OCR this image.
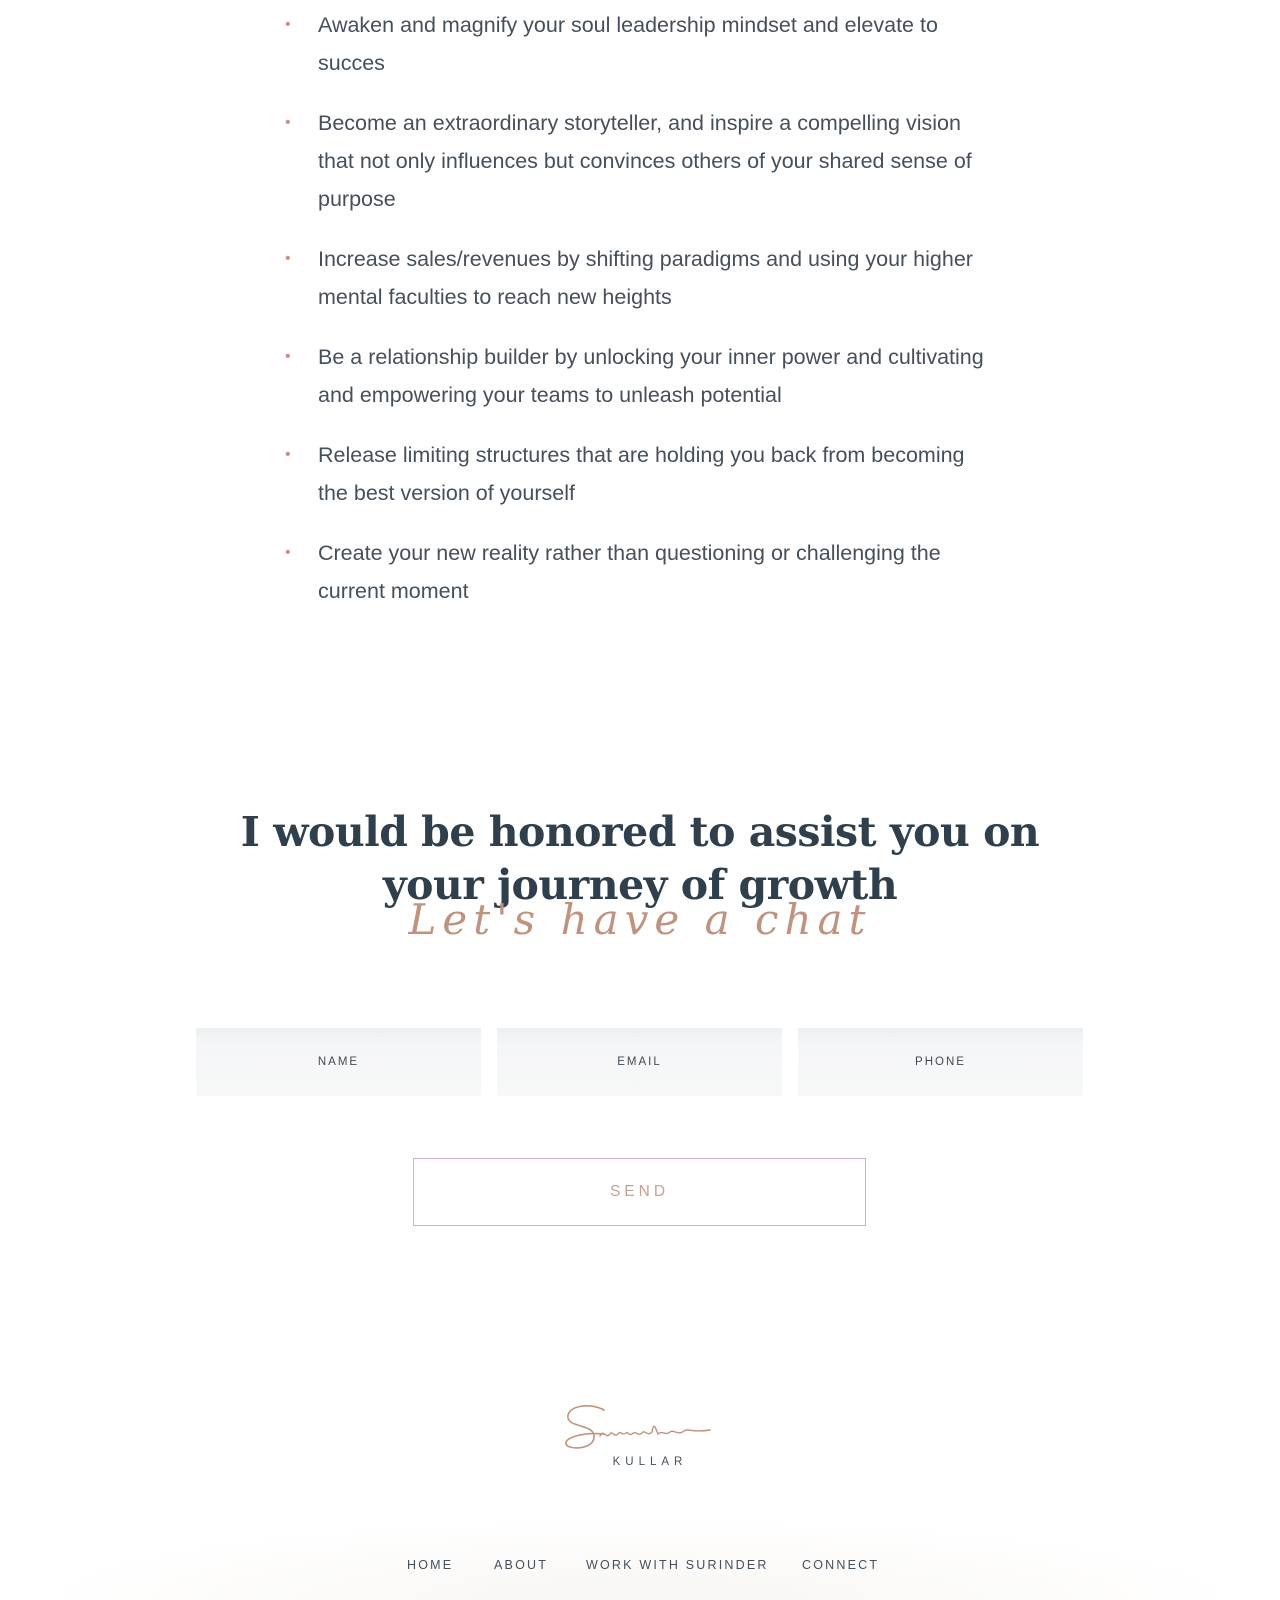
• Awaken and magnify your soul leadership mindset and elevate to succes
• Become an extraordinary storyteller, and inspire a compelling vision that not only influences but convinces others of your shared sense of purpose
• Increase sales/revenues by shifting paradigms and using your higher mental faculties to reach new heights
• Be a relationship builder by unlocking your inner power and cultivating and empowering your teams to unleash potential
• Release limiting structures that are holding you back from becoming the best version of yourself
• Create your new reality rather than questioning or challenging the current moment
I would be honored to assist you on
your journey of growth
Let's have a chat
NAME
EMAIL
PHONE
SEND
Surinder
KULLAR
HOME	ABOUT	WORK WITH SURINDER	CONNECT
